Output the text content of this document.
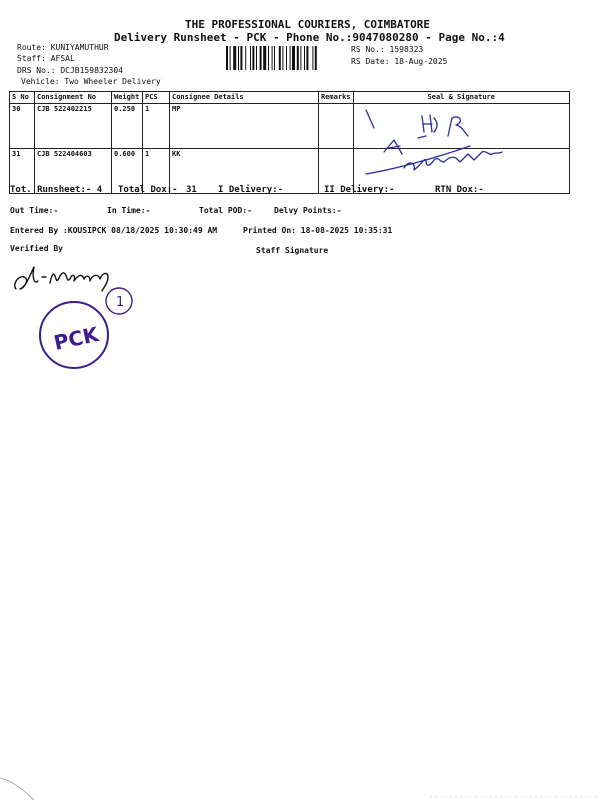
THE PROFESSIONAL COURIERS, COIMBATORE
Delivery Runsheet - PCK - Phone No.:9047080280 - Page No.:4
Route: KUNIYAMUTHUR
Staff: AFSAL
DRS No.: DCJB159832304
Vehicle: Two Wheeler Delivery
RS No.: 1598323
RS Date: 18-Aug-2025
S No	Consignment No	Weight	PCS	Consignee Details	Remarks	Seal & Signature
30	CJB 522402215	0.250	1	MP		
31	CJB 522404603	0.600	1	KK		
Tot. Runsheet:- 4 Total Dox:- 31 I Delivery:-	II Delivery:-	RTN Dox:-
Out Time:-	In Time:-	Total POD:-	Delvy Points:-
Entered By :KOUSIPCK 08/18/2025 10:30:49 AM	Printed On: 18-08-2025 10:35:31
Verified By	Staff Signature
PCK
1
